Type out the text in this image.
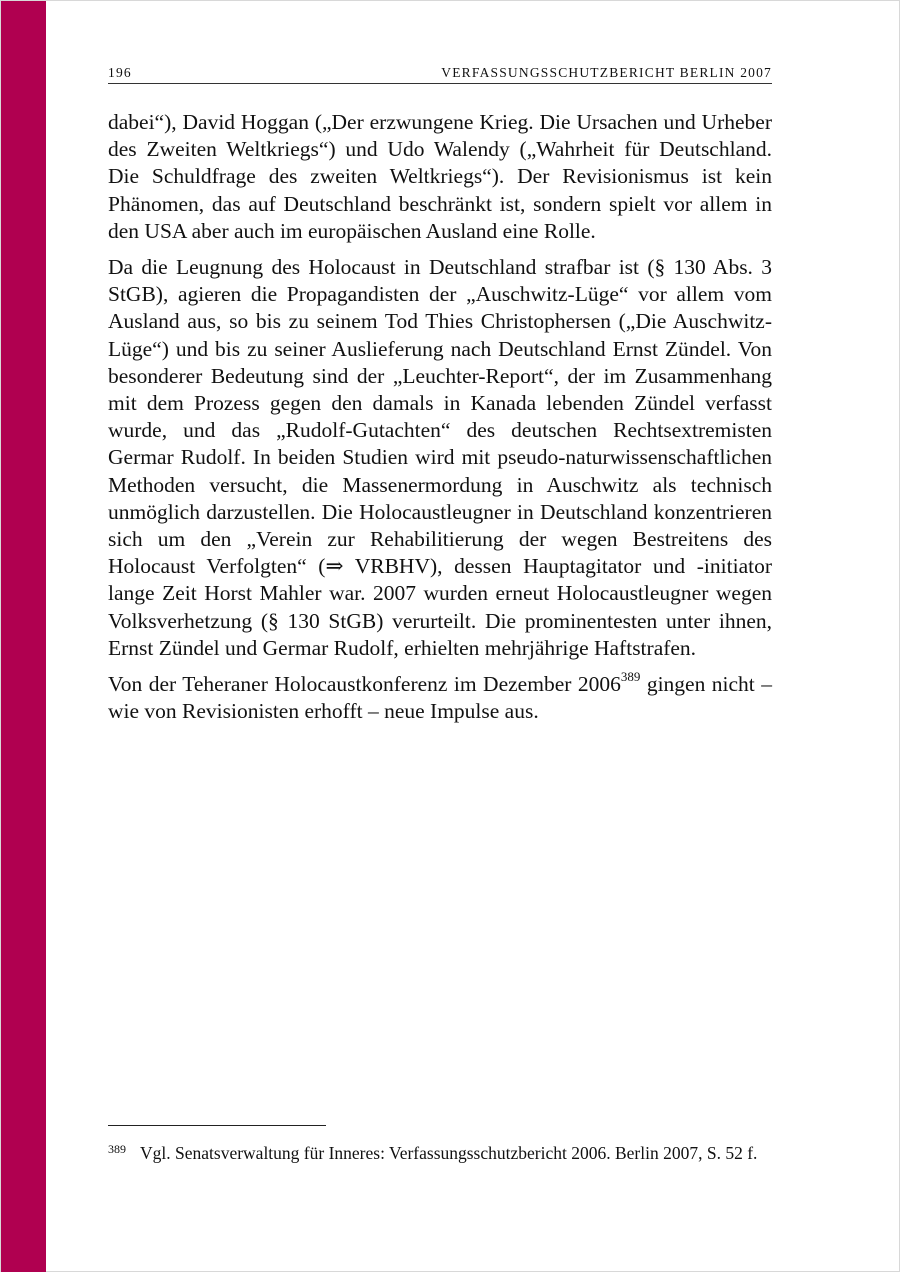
196	VERFASSUNGSSCHUTZBERICHT BERLIN 2007

dabei“), David Hoggan („Der erzwungene Krieg. Die Ursachen und Urheber des Zweiten Weltkriegs“) und Udo Walendy („Wahrheit für Deutschland. Die Schuldfrage des zweiten Weltkriegs“). Der Revisionismus ist kein Phänomen, das auf Deutschland beschränkt ist, sondern spielt vor allem in den USA aber auch im europäischen Ausland eine Rolle.

Da die Leugnung des Holocaust in Deutschland strafbar ist (§ 130 Abs. 3 StGB), agieren die Propagandisten der „Auschwitz-Lüge“ vor allem vom Ausland aus, so bis zu seinem Tod Thies Christophersen („Die Auschwitz-Lüge“) und bis zu seiner Auslieferung nach Deutschland Ernst Zündel. Von besonderer Bedeutung sind der „Leuchter-Report“, der im Zusammenhang mit dem Prozess gegen den damals in Kanada lebenden Zündel verfasst wurde, und das „Rudolf-Gutachten“ des deutschen Rechtsextremisten Germar Rudolf. In beiden Studien wird mit pseudo-naturwissenschaftlichen Methoden versucht, die Massenermordung in Auschwitz als technisch unmöglich darzustellen. Die Holocaustleugner in Deutschland konzentrieren sich um den „Verein zur Rehabilitierung der wegen Bestreitens des Holocaust Verfolgten“ (⇒ VRBHV), dessen Hauptagitator und -initiator lange Zeit Horst Mahler war. 2007 wurden erneut Holocaustleugner wegen Volksverhetzung (§ 130 StGB) verurteilt. Die prominentesten unter ihnen, Ernst Zündel und Germar Rudolf, erhielten mehrjährige Haftstrafen.

Von der Teheraner Holocaustkonferenz im Dezember 2006$^{389}$ gingen nicht – wie von Revisionisten erhofft – neue Impulse aus.

389 Vgl. Senatsverwaltung für Inneres: Verfassungsschutzbericht 2006. Berlin 2007, S. 52 f.
